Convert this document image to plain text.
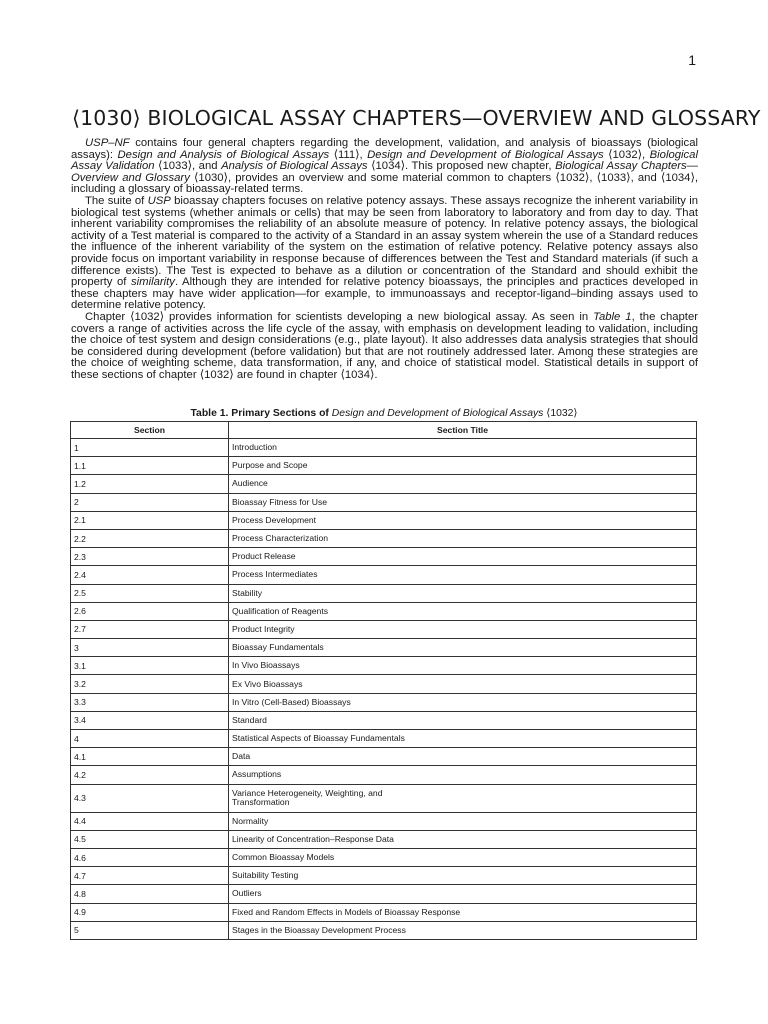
1
⟨1030⟩ BIOLOGICAL ASSAY CHAPTERS—OVERVIEW AND GLOSSARY

USP–NF contains four general chapters regarding the development, validation, and analysis of bioassays (biological assays): Design and Analysis of Biological Assays ⟨111⟩, Design and Development of Biological Assays ⟨1032⟩, Biological Assay Validation ⟨1033⟩, and Analysis of Biological Assays ⟨1034⟩. This proposed new chapter, Biological Assay Chapters—Overview and Glossary ⟨1030⟩, provides an overview and some material common to chapters ⟨1032⟩, ⟨1033⟩, and ⟨1034⟩, including a glossary of bioassay-related terms.

The suite of USP bioassay chapters focuses on relative potency assays. These assays recognize the inherent variability in biological test systems (whether animals or cells) that may be seen from laboratory to laboratory and from day to day. That inherent variability compromises the reliability of an absolute measure of potency. In relative potency assays, the biological activity of a Test material is compared to the activity of a Standard in an assay system wherein the use of a Standard reduces the influence of the inherent variability of the system on the estimation of relative potency. Relative potency assays also provide focus on important variability in response because of differences between the Test and Standard materials (if such a difference exists). The Test is expected to behave as a dilution or concentration of the Standard and should exhibit the property of similarity. Although they are intended for relative potency bioassays, the principles and practices developed in these chapters may have wider application—for example, to immunoassays and receptor-ligand–binding assays used to determine relative potency.

Chapter ⟨1032⟩ provides information for scientists developing a new biological assay. As seen in Table 1, the chapter covers a range of activities across the life cycle of the assay, with emphasis on development leading to validation, including the choice of test system and design considerations (e.g., plate layout). It also addresses data analysis strategies that should be considered during development (before validation) but that are not routinely addressed later. Among these strategies are the choice of weighting scheme, data transformation, if any, and choice of statistical model. Statistical details in support of these sections of chapter ⟨1032⟩ are found in chapter ⟨1034⟩.

Table 1. Primary Sections of Design and Development of Biological Assays ⟨1032⟩
Section	Section Title
1	Introduction
1.1	Purpose and Scope
1.2	Audience
2	Bioassay Fitness for Use
2.1	Process Development
2.2	Process Characterization
2.3	Product Release
2.4	Process Intermediates
2.5	Stability
2.6	Qualification of Reagents
2.7	Product Integrity
3	Bioassay Fundamentals
3.1	In Vivo Bioassays
3.2	Ex Vivo Bioassays
3.3	In Vitro (Cell-Based) Bioassays
3.4	Standard
4	Statistical Aspects of Bioassay Fundamentals
4.1	Data
4.2	Assumptions
4.3	Variance Heterogeneity, Weighting, and
Transformation
4.4	Normality
4.5	Linearity of Concentration–Response Data
4.6	Common Bioassay Models
4.7	Suitability Testing
4.8	Outliers
4.9	Fixed and Random Effects in Models of Bioassay Response
5	Stages in the Bioassay Development Process
